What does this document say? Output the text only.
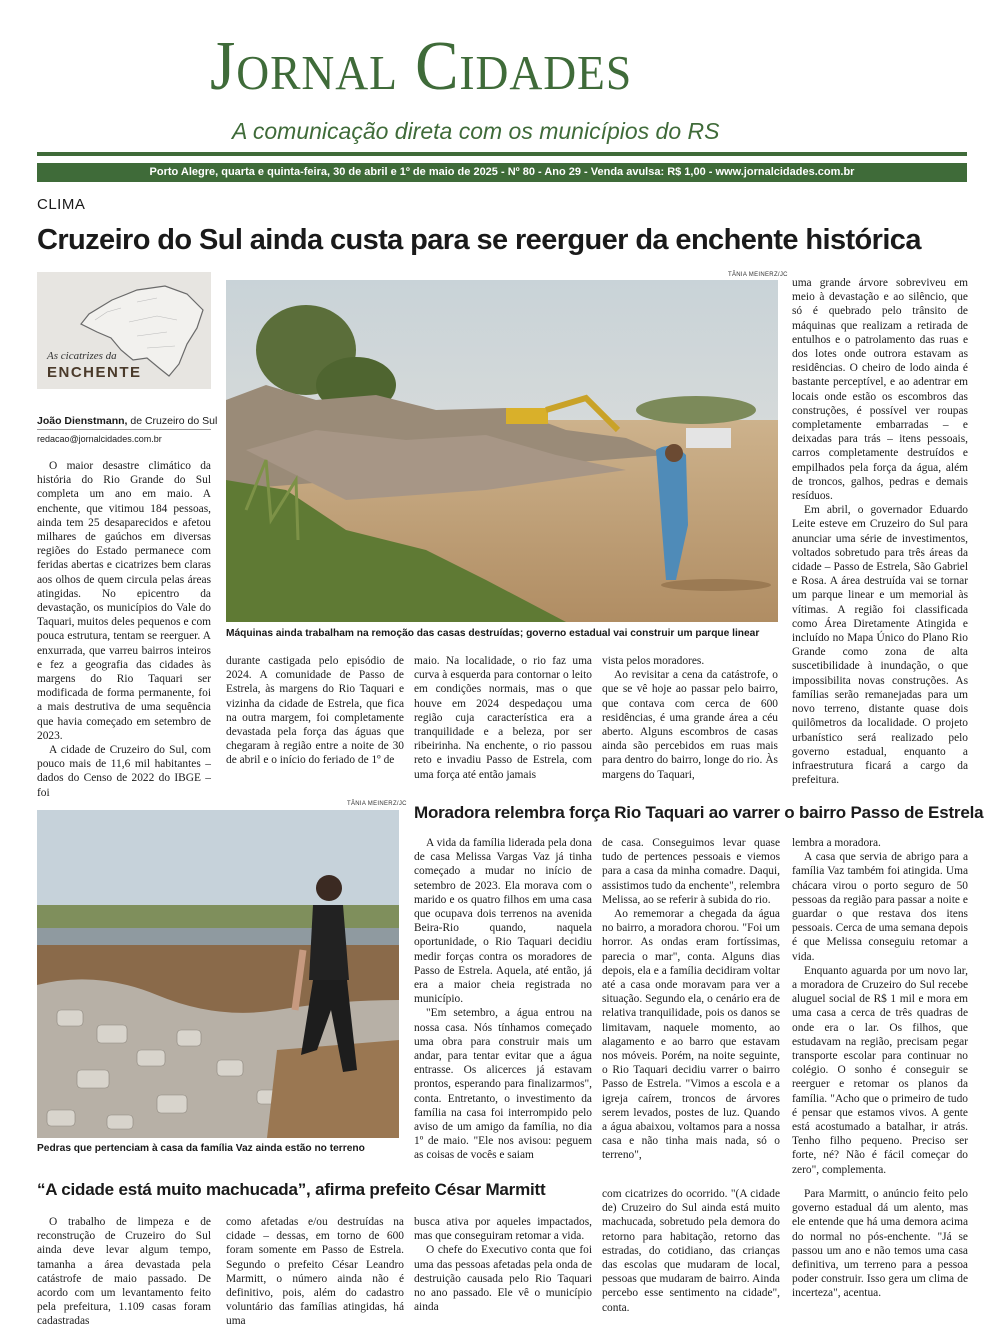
Jornal Cidades
A comunicação direta com os municípios do RS
Porto Alegre, quarta e quinta-feira, 30 de abril e 1º de maio de 2025 - Nº 80 - Ano 29 - Venda avulsa: R$ 1,00 - www.jornalcidades.com.br
CLIMA
Cruzeiro do Sul ainda custa para se reerguer da enchente histórica
As cicatrizes da
ENCHENTE
João Dienstmann, de Cruzeiro do Sul
redacao@jornalcidades.com.br
TÂNIA MEINERZ/JC
Máquinas ainda trabalham na remoção das casas destruídas; governo estadual vai construir um parque linear

O maior desastre climático da história do Rio Grande do Sul completa um ano em maio. A enchente, que vitimou 184 pessoas, ainda tem 25 desaparecidos e afetou milhares de gaúchos em diversas regiões do Estado permanece com feridas abertas e cicatrizes bem claras aos olhos de quem circula pelas áreas atingidas. No epicentro da devastação, os municípios do Vale do Taquari, muitos deles pequenos e com pouca estrutura, tentam se reerguer. A enxurrada, que varreu bairros inteiros e fez a geografia das cidades às margens do Rio Taquari ser modificada de forma permanente, foi a mais destrutiva de uma sequência que havia começado em setembro de 2023.

A cidade de Cruzeiro do Sul, com pouco mais de 11,6 mil habitantes – dados do Censo de 2022 do IBGE – foi

durante castigada pelo episódio de 2024. A comunidade de Passo de Estrela, às margens do Rio Taquari e vizinha da cidade de Estrela, que fica na outra margem, foi completamente devastada pela força das águas que chegaram à região entre a noite de 30 de abril e o início do feriado de 1º de

maio. Na localidade, o rio faz uma curva à esquerda para contornar o leito em condições normais, mas o que houve em 2024 despedaçou uma região cuja característica era a tranquilidade e a beleza, por ser ribeirinha. Na enchente, o rio passou reto e invadiu Passo de Estrela, com uma força até então jamais

vista pelos moradores.

Ao revisitar a cena da catástrofe, o que se vê hoje ao passar pelo bairro, que contava com cerca de 600 residências, é uma grande área a céu aberto. Alguns escombros de casas ainda são percebidos em ruas mais para dentro do bairro, longe do rio. Às margens do Taquari,

uma grande árvore sobreviveu em meio à devastação e ao silêncio, que só é quebrado pelo trânsito de máquinas que realizam a retirada de entulhos e o patrolamento das ruas e dos lotes onde outrora estavam as residências. O cheiro de lodo ainda é bastante perceptível, e ao adentrar em locais onde estão os escombros das construções, é possível ver roupas completamente embarradas – e deixadas para trás – itens pessoais, carros completamente destruídos e empilhados pela força da água, além de troncos, galhos, pedras e demais resíduos.

Em abril, o governador Eduardo Leite esteve em Cruzeiro do Sul para anunciar uma série de investimentos, voltados sobretudo para três áreas da cidade – Passo de Estrela, São Gabriel e Rosa. A área destruída vai se tornar um parque linear e um memorial às vítimas. A região foi classificada como Área Diretamente Atingida e incluído no Mapa Único do Plano Rio Grande como zona de alta suscetibilidade à inundação, o que impossibilita novas construções. As famílias serão remanejadas para um novo terreno, distante quase dois quilômetros da localidade. O projeto urbanístico será realizado pelo governo estadual, enquanto a infraestrutura ficará a cargo da prefeitura.

TÂNIA MEINERZ/JC
Pedras que pertenciam à casa da família Vaz ainda estão no terreno
Moradora relembra força Rio Taquari ao varrer o bairro Passo de Estrela

A vida da família liderada pela dona de casa Melissa Vargas Vaz já tinha começado a mudar no início de setembro de 2023. Ela morava com o marido e os quatro filhos em uma casa que ocupava dois terrenos na avenida Beira-Rio quando, naquela oportunidade, o Rio Taquari decidiu medir forças contra os moradores de Passo de Estrela. Aquela, até então, já era a maior cheia registrada no município.

"Em setembro, a água entrou na nossa casa. Nós tínhamos começado uma obra para construir mais um andar, para tentar evitar que a água entrasse. Os alicerces já estavam prontos, esperando para finalizarmos", conta. Entretanto, o investimento da família na casa foi interrompido pelo aviso de um amigo da família, no dia 1º de maio. "Ele nos avisou: peguem as coisas de vocês e saiam

de casa. Conseguimos levar quase tudo de pertences pessoais e viemos para a casa da minha comadre. Daqui, assistimos tudo da enchente", relembra Melissa, ao se referir à subida do rio.

Ao rememorar a chegada da água no bairro, a moradora chorou. "Foi um horror. As ondas eram fortíssimas, parecia o mar", conta. Alguns dias depois, ela e a família decidiram voltar até a casa onde moravam para ver a situação. Segundo ela, o cenário era de relativa tranquilidade, pois os danos se limitavam, naquele momento, ao alagamento e ao barro que estavam nos móveis. Porém, na noite seguinte, o Rio Taquari decidiu varrer o bairro Passo de Estrela. "Vimos a escola e a igreja caírem, troncos de árvores serem levados, postes de luz. Quando a água abaixou, voltamos para a nossa casa e não tinha mais nada, só o terreno",

lembra a moradora.

A casa que servia de abrigo para a família Vaz também foi atingida. Uma chácara virou o porto seguro de 50 pessoas da região para passar a noite e guardar o que restava dos itens pessoais. Cerca de uma semana depois é que Melissa conseguiu retomar a vida.

Enquanto aguarda por um novo lar, a moradora de Cruzeiro do Sul recebe aluguel social de R$ 1 mil e mora em uma casa a cerca de três quadras de onde era o lar. Os filhos, que estudavam na região, precisam pegar transporte escolar para continuar no colégio. O sonho é conseguir se reerguer e retomar os planos da família. "Acho que o primeiro de tudo é pensar que estamos vivos. A gente está acostumado a batalhar, ir atrás. Tenho filho pequeno. Preciso ser forte, né? Não é fácil começar do zero", complementa.

“A cidade está muito machucada”, afirma prefeito César Marmitt

O trabalho de limpeza e de reconstrução de Cruzeiro do Sul ainda deve levar algum tempo, tamanha a área devastada pela catástrofe de maio passado. De acordo com um levantamento feito pela prefeitura, 1.109 casas foram cadastradas

como afetadas e/ou destruídas na cidade – dessas, em torno de 600 foram somente em Passo de Estrela. Segundo o prefeito César Leandro Marmitt, o número ainda não é definitivo, pois, além do cadastro voluntário das famílias atingidas, há uma

busca ativa por aqueles impactados, mas que conseguiram retomar a vida.

O chefe do Executivo conta que foi uma das pessoas afetadas pela onda de destruição causada pelo Rio Taquari no ano passado. Ele vê o município ainda

com cicatrizes do ocorrido. "(A cidade de) Cruzeiro do Sul ainda está muito machucada, sobretudo pela demora do retorno para habitação, retorno das estradas, do cotidiano, das crianças das escolas que mudaram de local, pessoas que mudaram de bairro. Ainda percebo esse sentimento na cidade", conta.

Para Marmitt, o anúncio feito pelo governo estadual dá um alento, mas ele entende que há uma demora acima do normal no pós-enchente. "Já se passou um ano e não temos uma casa definitiva, um terreno para a pessoa poder construir. Isso gera um clima de incerteza", acentua.
